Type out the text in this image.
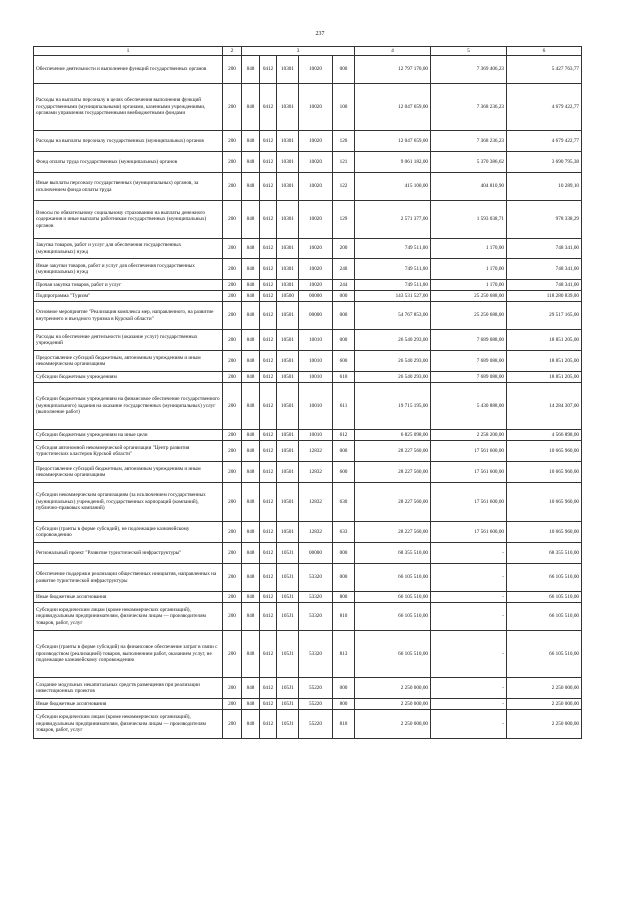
237
1	2	3					4	5	6
Обеспечение деятельности и выполнение функций государственных органов	200	848	0412	10301	10020	000	12 797 170,00	7 369 406,23	5 427 763,77
Расходы на выплаты персоналу в целях обеспечения выполнения функций государственными (муниципальными) органами, казенными учреждениями, органами управления государственными внебюджетными фондами	200	848	0412	10301	10020	100	12 047 659,00	7 368 236,23	4 679 422,77
Расходы на выплаты персоналу государственных (муниципальных) органов	200	848	0412	10301	10020	120	12 047 659,00	7 368 236,23	4 679 422,77
Фонд оплаты труда государственных (муниципальных) органов	200	848	0412	10301	10020	121	9 061 182,00	5 370 386,62	3 690 795,38
Иные выплаты персоналу государственных (муниципальных) органов, за исключением фонда оплаты труда	200	848	0412	10301	10020	122	415 100,00	404 810,90	10 289,10
Взносы по обязательному социальному страхованию на выплаты денежного содержания и иные выплаты работникам государственных (муниципальных) органов	200	848	0412	10301	10020	129	2 571 377,00	1 593 038,71	978 338,29
Закупка товаров, работ и услуг для обеспечения государственных (муниципальных) нужд	200	848	0412	10301	10020	200	749 511,00	1 170,00	748 341,00
Иные закупки товаров, работ и услуг для обеспечения государственных (муниципальных) нужд	200	848	0412	10301	10020	240	749 511,00	1 170,00	748 341,00
Прочая закупка товаров, работ и услуг	200	848	0412	10301	10020	244	749 511,00	1 170,00	748 341,00
Подпрограмма "Туризм"	200	848	0412	10500	00000	000	143 531 527,00	25 250 688,00	118 280 839,00
Основное мероприятие "Реализация комплекса мер, направленного, на развитие внутреннего и въездного туризма в Курской области"	200	848	0412	10501	00000	000	54 767 853,00	25 250 688,00	29 517 165,00
Расходы на обеспечение деятельности (оказание услуг) государственных учреждений	200	848	0412	10501	10010	000	26 540 293,00	7 689 088,00	18 851 205,00
Предоставление субсидий бюджетным, автономным учреждениям и иным некоммерческим организациям	200	848	0412	10501	10010	600	26 540 293,00	7 689 088,00	18 851 205,00
Субсидии бюджетным учреждениям	200	848	0412	10501	10010	610	26 540 293,00	7 689 088,00	18 851 205,00
Субсидии бюджетным учреждениям на финансовое обеспечение государственного (муниципального) задания на оказание государственных (муниципальных) услуг (выполнение работ)	200	848	0412	10501	10010	611	19 715 195,00	5 430 888,00	14 284 307,00
Субсидии бюджетным учреждениям на иные цели	200	848	0412	10501	10010	612	6 825 098,00	2 258 200,00	4 566 898,00
Субсидия автономной некоммерческой организации "Центр развития туристических кластеров Курской области"	200	848	0412	10501	12832	000	28 227 560,00	17 561 600,00	10 665 960,00
Предоставление субсидий бюджетным, автономным учреждениям и иным некоммерческим организациям	200	848	0412	10501	12832	600	28 227 560,00	17 561 600,00	10 665 960,00
Субсидии некоммерческим организациям (за исключением государственных (муниципальных) учреждений, государственных корпораций (компаний), публично-правовых компаний)	200	848	0412	10501	12832	630	28 227 560,00	17 561 600,00	10 665 960,00
Субсидии (гранты в форме субсидий), не подлежащие казначейскому сопровождению	200	848	0412	10501	12832	633	28 227 560,00	17 561 600,00	10 665 960,00
Региональный проект "Развитие туристической инфраструктуры"	200	848	0412	105J1	00000	000	68 355 510,00	-	68 355 510,00
Обеспечение поддержки реализации общественных инициатив, направленных на развитие туристической инфраструктуры	200	848	0412	105J1	53320	000	66 105 510,00	-	66 105 510,00
Иные бюджетные ассигнования	200	848	0412	105J1	53320	800	66 105 510,00	-	66 105 510,00
Субсидии юридическим лицам (кроме некоммерческих организаций), индивидуальным предпринимателям, физическим лицам — производителям товаров, работ, услуг	200	848	0412	105J1	53320	810	66 105 510,00	-	66 105 510,00
Субсидии (гранты в форме субсидий) на финансовое обеспечение затрат в связи с производством (реализацией) товаров, выполнением работ, оказанием услуг, не подлежащие казначейскому сопровождению	200	848	0412	105J1	53320	813	66 105 510,00	-	66 105 510,00
Создание модульных некапитальных средств размещения при реализации инвестиционных проектов	200	848	0412	105J1	55220	000	2 250 000,00	-	2 250 000,00
Иные бюджетные ассигнования	200	848	0412	105J1	55220	800	2 250 000,00	-	2 250 000,00
Субсидии юридическим лицам (кроме некоммерческих организаций), индивидуальным предпринимателям, физическим лицам — производителям товаров, работ, услуг	200	848	0412	105J1	55220	810	2 250 000,00	-	2 250 000,00
